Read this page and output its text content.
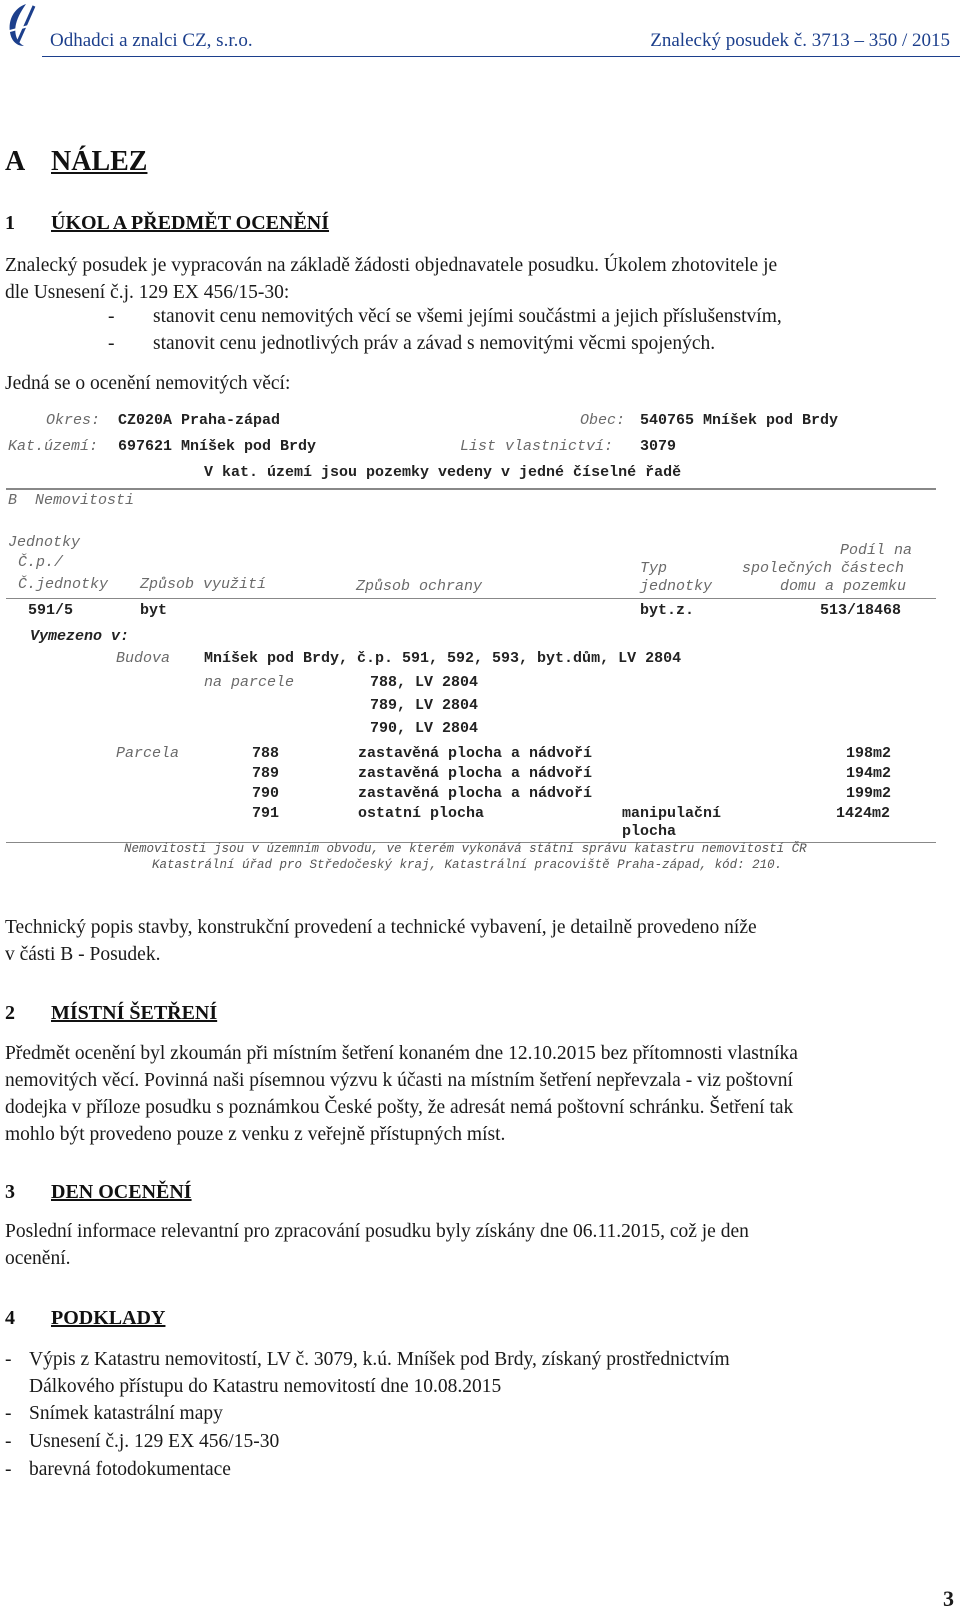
Odhadci a znalci CZ, s.r.o.	Znalecký posudek č. 3713 – 350 / 2015
A NÁLEZ
1 ÚKOL A PŘEDMĚT OCENĚNÍ
Znalecký posudek je vypracován na základě žádosti objednavatele posudku. Úkolem zhotovitele je
dle Usnesení č.j. 129 EX 456/15-30:
- stanovit cenu nemovitých věcí se všemi jejími součástmi a jejich příslušenstvím,
- stanovit cenu jednotlivých práv a závad s nemovitými věcmi spojených.
Jedná se o ocenění nemovitých věcí:
Okres: CZ020A Praha-západ	Obec: 540765 Mníšek pod Brdy
Kat.území: 697621 Mníšek pod Brdy	List vlastnictví: 3079
V kat. území jsou pozemky vedeny v jedné číselné řadě
B  Nemovitosti
Jednotky
Č.p./
Č.jednotky Způsob využití	Způsob ochrany
Typ
jednotky
Podíl na
společných částech
domu a pozemku
591/5	byt	byt.z.	513/18468
Vymezeno v:
Budova Mníšek pod Brdy, č.p. 591, 592, 593, byt.dům, LV 2804
na parcele	788, LV 2804
789, LV 2804
790, LV 2804
Parcela	788	zastavěná plocha a nádvoří	198m2
789	zastavěná plocha a nádvoří	194m2
790	zastavěná plocha a nádvoří	199m2
791	ostatní plocha	manipulační	1424m2
plocha
Nemovitosti jsou v územním obvodu, ve kterém vykonává státní správu katastru nemovitostí ČR
Katastrální úřad pro Středočeský kraj, Katastrální pracoviště Praha-západ, kód: 210.
Technický popis stavby, konstrukční provedení a technické vybavení, je detailně provedeno níže
v části B - Posudek.
2 MÍSTNÍ ŠETŘENÍ
Předmět ocenění byl zkoumán při místním šetření konaném dne 12.10.2015 bez přítomnosti vlastníka
nemovitých věcí. Povinná naši písemnou výzvu k účasti na místním šetření nepřevzala - viz poštovní
dodejka v příloze posudku s poznámkou České pošty, že adresát nemá poštovní schránku. Šetření tak
mohlo být provedeno pouze z venku z veřejně přístupných míst.
3 DEN OCENĚNÍ
Poslední informace relevantní pro zpracování posudku byly získány dne 06.11.2015, což je den
ocenění.
4 PODKLADY
- Výpis z Katastru nemovitostí, LV č. 3079, k.ú. Mníšek pod Brdy, získaný prostřednictvím
Dálkového přístupu do Katastru nemovitostí dne 10.08.2015
- Snímek katastrální mapy
- Usnesení č.j. 129 EX 456/15-30
- barevná fotodokumentace
3
